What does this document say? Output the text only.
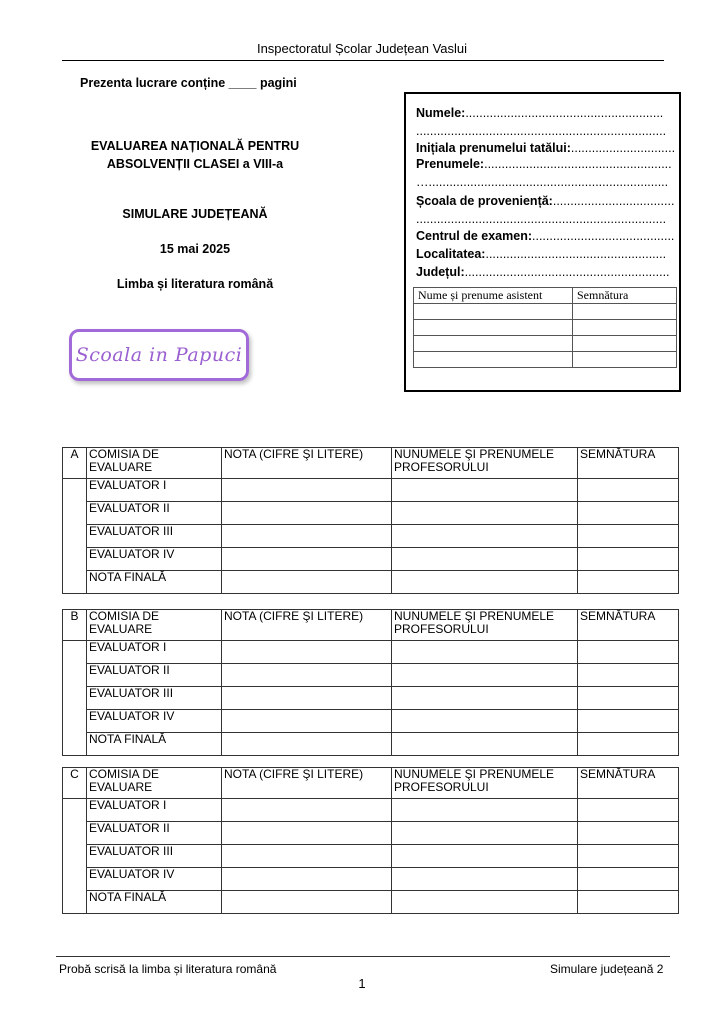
Inspectoratul Școlar Județean Vaslui
Prezenta lucrare conține ____ pagini
EVALUAREA NAȚIONALĂ PENTRU
ABSOLVENȚII CLASEI a VIII-a
SIMULARE JUDEȚEANĂ
15 mai 2025
Limba și literatura română
Scoala in Papuci
Numele:.........................................................
........................................................................
Inițiala prenumelui tatălui:..............................
Prenumele:......................................................
….....................................................................
Școala de proveniență:...................................
........................................................................
Centrul de examen:.........................................
Localitatea:....................................................
Județul:...........................................................
Nume și prenume asistent	Semnătura

A	COMISIA DE EVALUARE	NOTA (CIFRE ŞI LITERE)	NUNUMELE ŞI PRENUMELE PROFESORULUI	SEMNĂTURA
	EVALUATOR I			
	EVALUATOR II			
	EVALUATOR III			
	EVALUATOR IV			
	NOTA FINALĂ			
B	COMISIA DE EVALUARE	NOTA (CIFRE ŞI LITERE)	NUNUMELE ŞI PRENUMELE PROFESORULUI	SEMNĂTURA
	EVALUATOR I			
	EVALUATOR II			
	EVALUATOR III			
	EVALUATOR IV			
	NOTA FINALĂ			
C	COMISIA DE EVALUARE	NOTA (CIFRE ŞI LITERE)	NUNUMELE ŞI PRENUMELE PROFESORULUI	SEMNĂTURA
	EVALUATOR I			
	EVALUATOR II			
	EVALUATOR III			
	EVALUATOR IV			
	NOTA FINALĂ			
Probă scrisă la limba și literatura română	Simulare județeană 2
1
